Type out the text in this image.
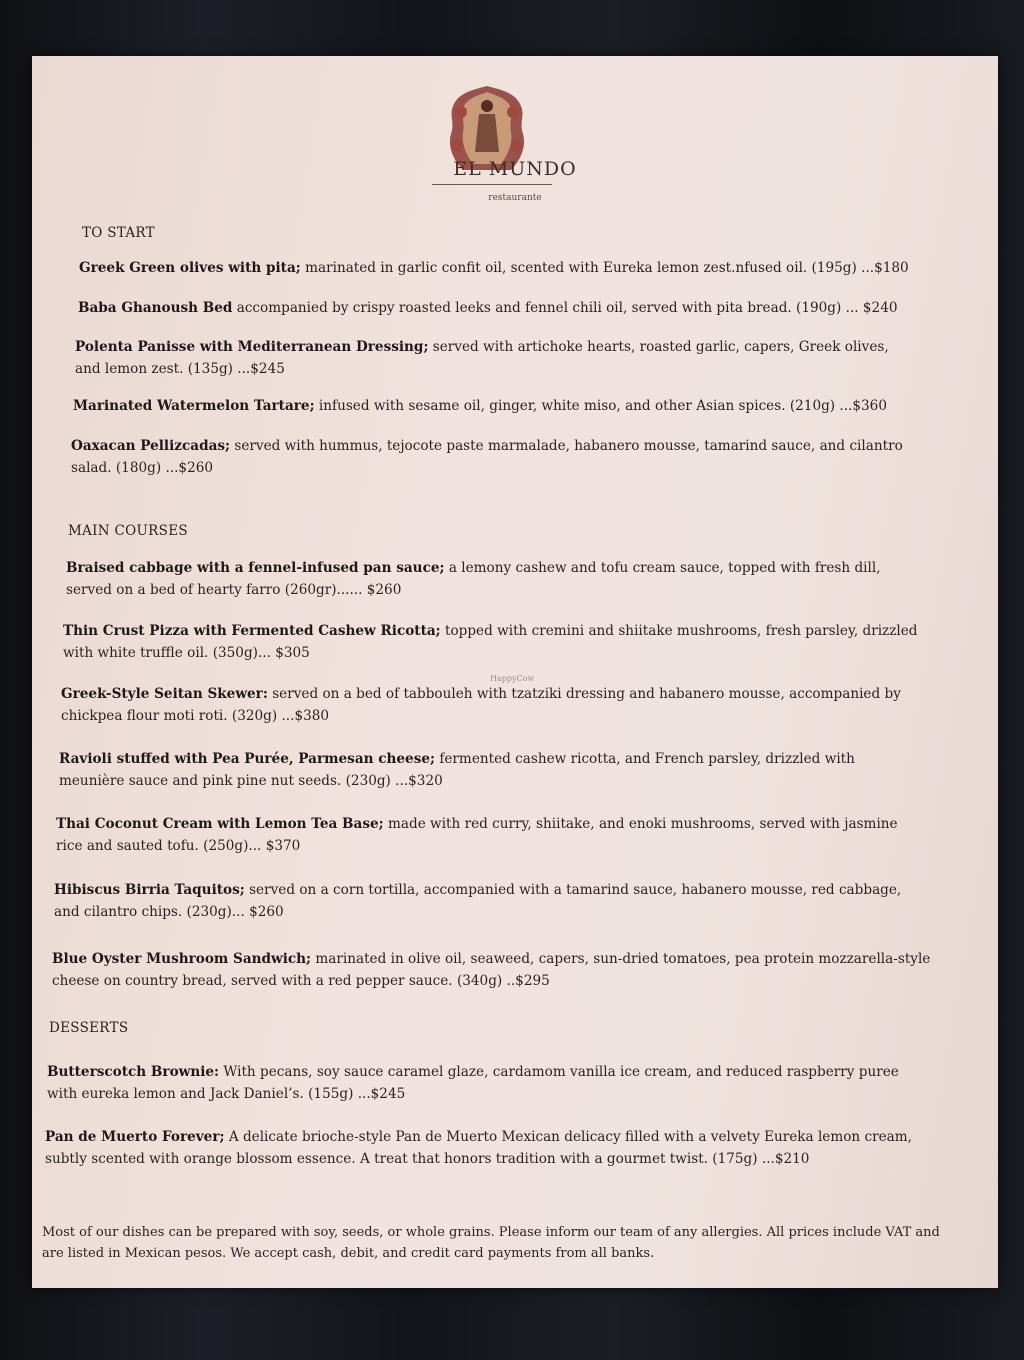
EL MUNDO
restaurante
TO START
Greek Green olives with pita; marinated in garlic confit oil, scented with Eureka lemon zest.nfused oil. (195g) ...$180
Baba Ghanoush Bed accompanied by crispy roasted leeks and fennel chili oil, served with pita bread. (190g) ... $240
Polenta Panisse with Mediterranean Dressing; served with artichoke hearts, roasted garlic, capers, Greek olives, and lemon zest. (135g) ...$245
Marinated Watermelon Tartare; infused with sesame oil, ginger, white miso, and other Asian spices. (210g) ...$360
Oaxacan Pellizcadas; served with hummus, tejocote paste marmalade, habanero mousse, tamarind sauce, and cilantro salad. (180g) ...$260
MAIN COURSES
Braised cabbage with a fennel-infused pan sauce; a lemony cashew and tofu cream sauce, topped with fresh dill, served on a bed of hearty farro (260gr)...... $260
Thin Crust Pizza with Fermented Cashew Ricotta; topped with cremini and shiitake mushrooms, fresh parsley, drizzled with white truffle oil. (350g)... $305
Greek-Style Seitan Skewer: served on a bed of tabbouleh with tzatziki dressing and habanero mousse, accompanied by chickpea flour moti roti. (320g) ...$380
Ravioli stuffed with Pea Purée, Parmesan cheese; fermented cashew ricotta, and French parsley, drizzled with meunière sauce and pink pine nut seeds. (230g) ...$320
Thai Coconut Cream with Lemon Tea Base; made with red curry, shiitake, and enoki mushrooms, served with jasmine rice and sauted tofu. (250g)... $370
Hibiscus Birria Taquitos; served on a corn tortilla, accompanied with a tamarind sauce, habanero mousse, red cabbage, and cilantro chips. (230g)... $260
Blue Oyster Mushroom Sandwich; marinated in olive oil, seaweed, capers, sun-dried tomatoes, pea protein mozzarella-style cheese on country bread, served with a red pepper sauce. (340g) ..$295
DESSERTS
Butterscotch Brownie: With pecans, soy sauce caramel glaze, cardamom vanilla ice cream, and reduced raspberry puree with eureka lemon and Jack Daniel’s. (155g) ...$245
Pan de Muerto Forever; A delicate brioche-style Pan de Muerto Mexican delicacy filled with a velvety Eureka lemon cream, subtly scented with orange blossom essence. A treat that honors tradition with a gourmet twist. (175g) ...$210
HappyCow
Most of our dishes can be prepared with soy, seeds, or whole grains. Please inform our team of any allergies. All prices include VAT and are listed in Mexican pesos. We accept cash, debit, and credit card payments from all banks.
